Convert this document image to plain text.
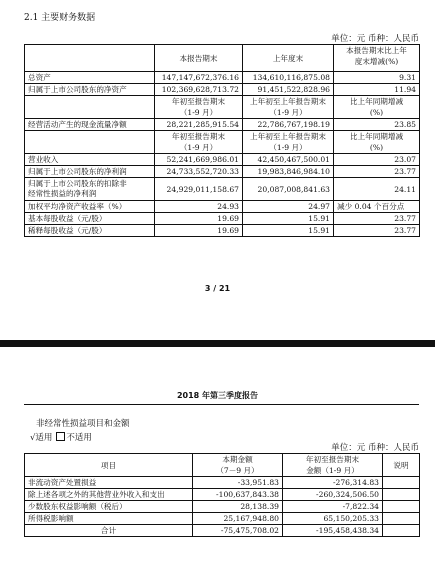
2.1 主要财务数据
单位：元 币种：人民币
	本报告期末	上年度末	本报告期末比上年
			度末增减(%)

总资产	147,147,672,376.16	134,610,116,875.08	9.31
归属于上市公司股东的净资产	102,369,628,713.72	91,451,522,828.96	11.94
	年初至报告期末	上年初至上年报告期末	比上年同期增减
	（1-9 月）	（1-9 月）	(%)
经营活动产生的现金流量净额	28,221,285,915.54	22,786,767,198.19	23.85
	年初至报告期末	上年初至上年报告期末	比上年同期增减
	（1-9 月）	（1-9 月）	(%)
营业收入	52,241,669,986.01	42,450,467,500.01	23.07
归属于上市公司股东的净利润	24,733,552,720.33	19,983,846,984.10	23.77
归属于上市公司股东的扣除非
经常性损益的净利润	24,929,011,158.67	20,087,008,841.63	24.11
加权平均净资产收益率（%）	24.93	24.97	减少 0.04 个百分点
基本每股收益（元/股）	19.69	15.91	23.77
稀释每股收益（元/股）	19.69	15.91	23.77
3 / 21
2018 年第三季度报告
非经常性损益项目和金额
√适用 不适用
单位：元 币种：人民币
项目	本期金额	年初至报告期末	说明
	（7－9 月）	金额（1-9 月）	
非流动资产处置损益	-33,951.83	-276,314.83	
除上述各项之外的其他营业外收入和支出	-100,637,843.38	-260,324,506.50	
少数股东权益影响额（税后）	28,138.39	-7,822.34	
所得税影响额	25,167,948.80	65,150,205.33	
合计	-75,475,708.02	-195,458,438.34	
